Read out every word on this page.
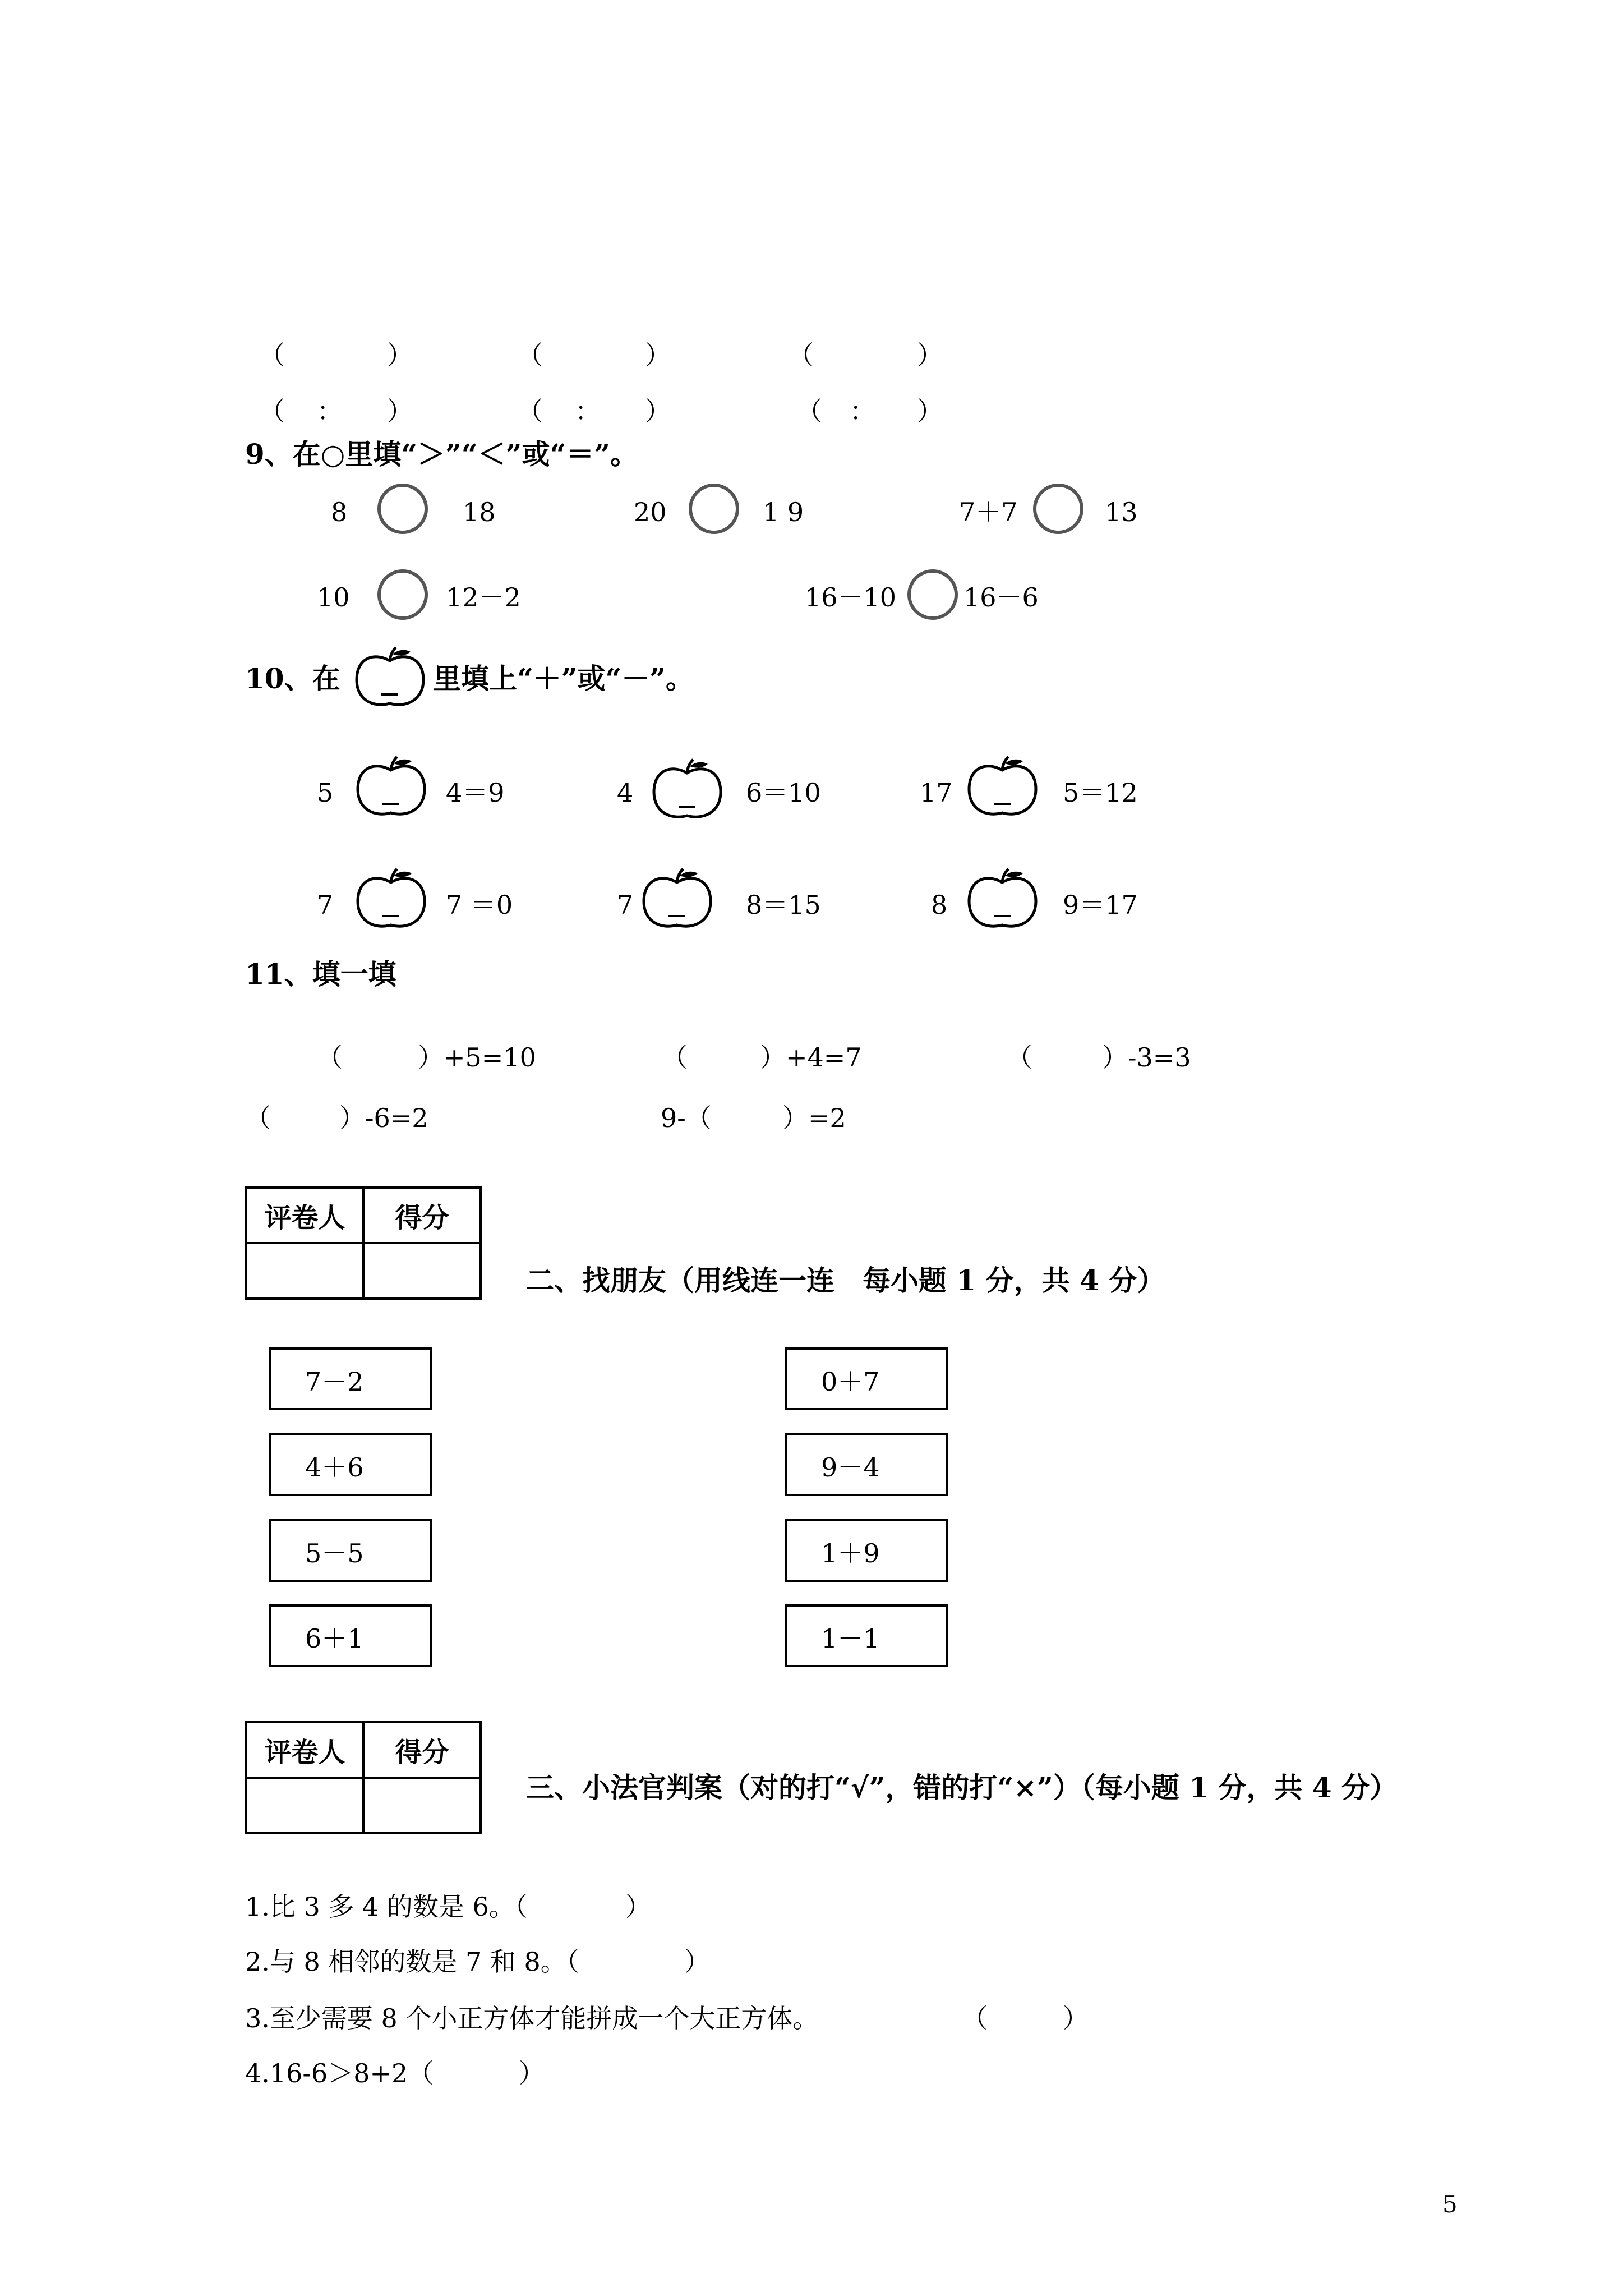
（	）	（	）	（	）
（ ： ）	（ ： ）	（ ： ）
9、在○里填“＞”“＜”或“＝”。
8	18	20	1 9	7＋7	13
10	12－2	16－10	16－6
10、在	里填上“＋”或“－”。
5	4＝9	4	6＝10	17	5＝12
7	7 ＝0	7	8＝15	8	9＝17
11、填一填
（	）+5=10	（	）+4=7	（	）-3=3
（	）-6=2	9-（	）=2
评卷人	得分

二、找朋友（用线连一连　每小题 1 分，共 4 分）
7－2
4＋6
5－5
6＋1
0＋7
9－4
1＋9
1－1
评卷人	得分

三、小法官判案（对的打“√”，错的打“×”）（每小题 1 分，共 4 分）
1.比 3 多 4 的数是 6。（	）
2.与 8 相邻的数是 7 和 8。（	）
3.至少需要 8 个小正方体才能拼成一个大正方体。	（	）
4.16-6＞8+2（	）
5
